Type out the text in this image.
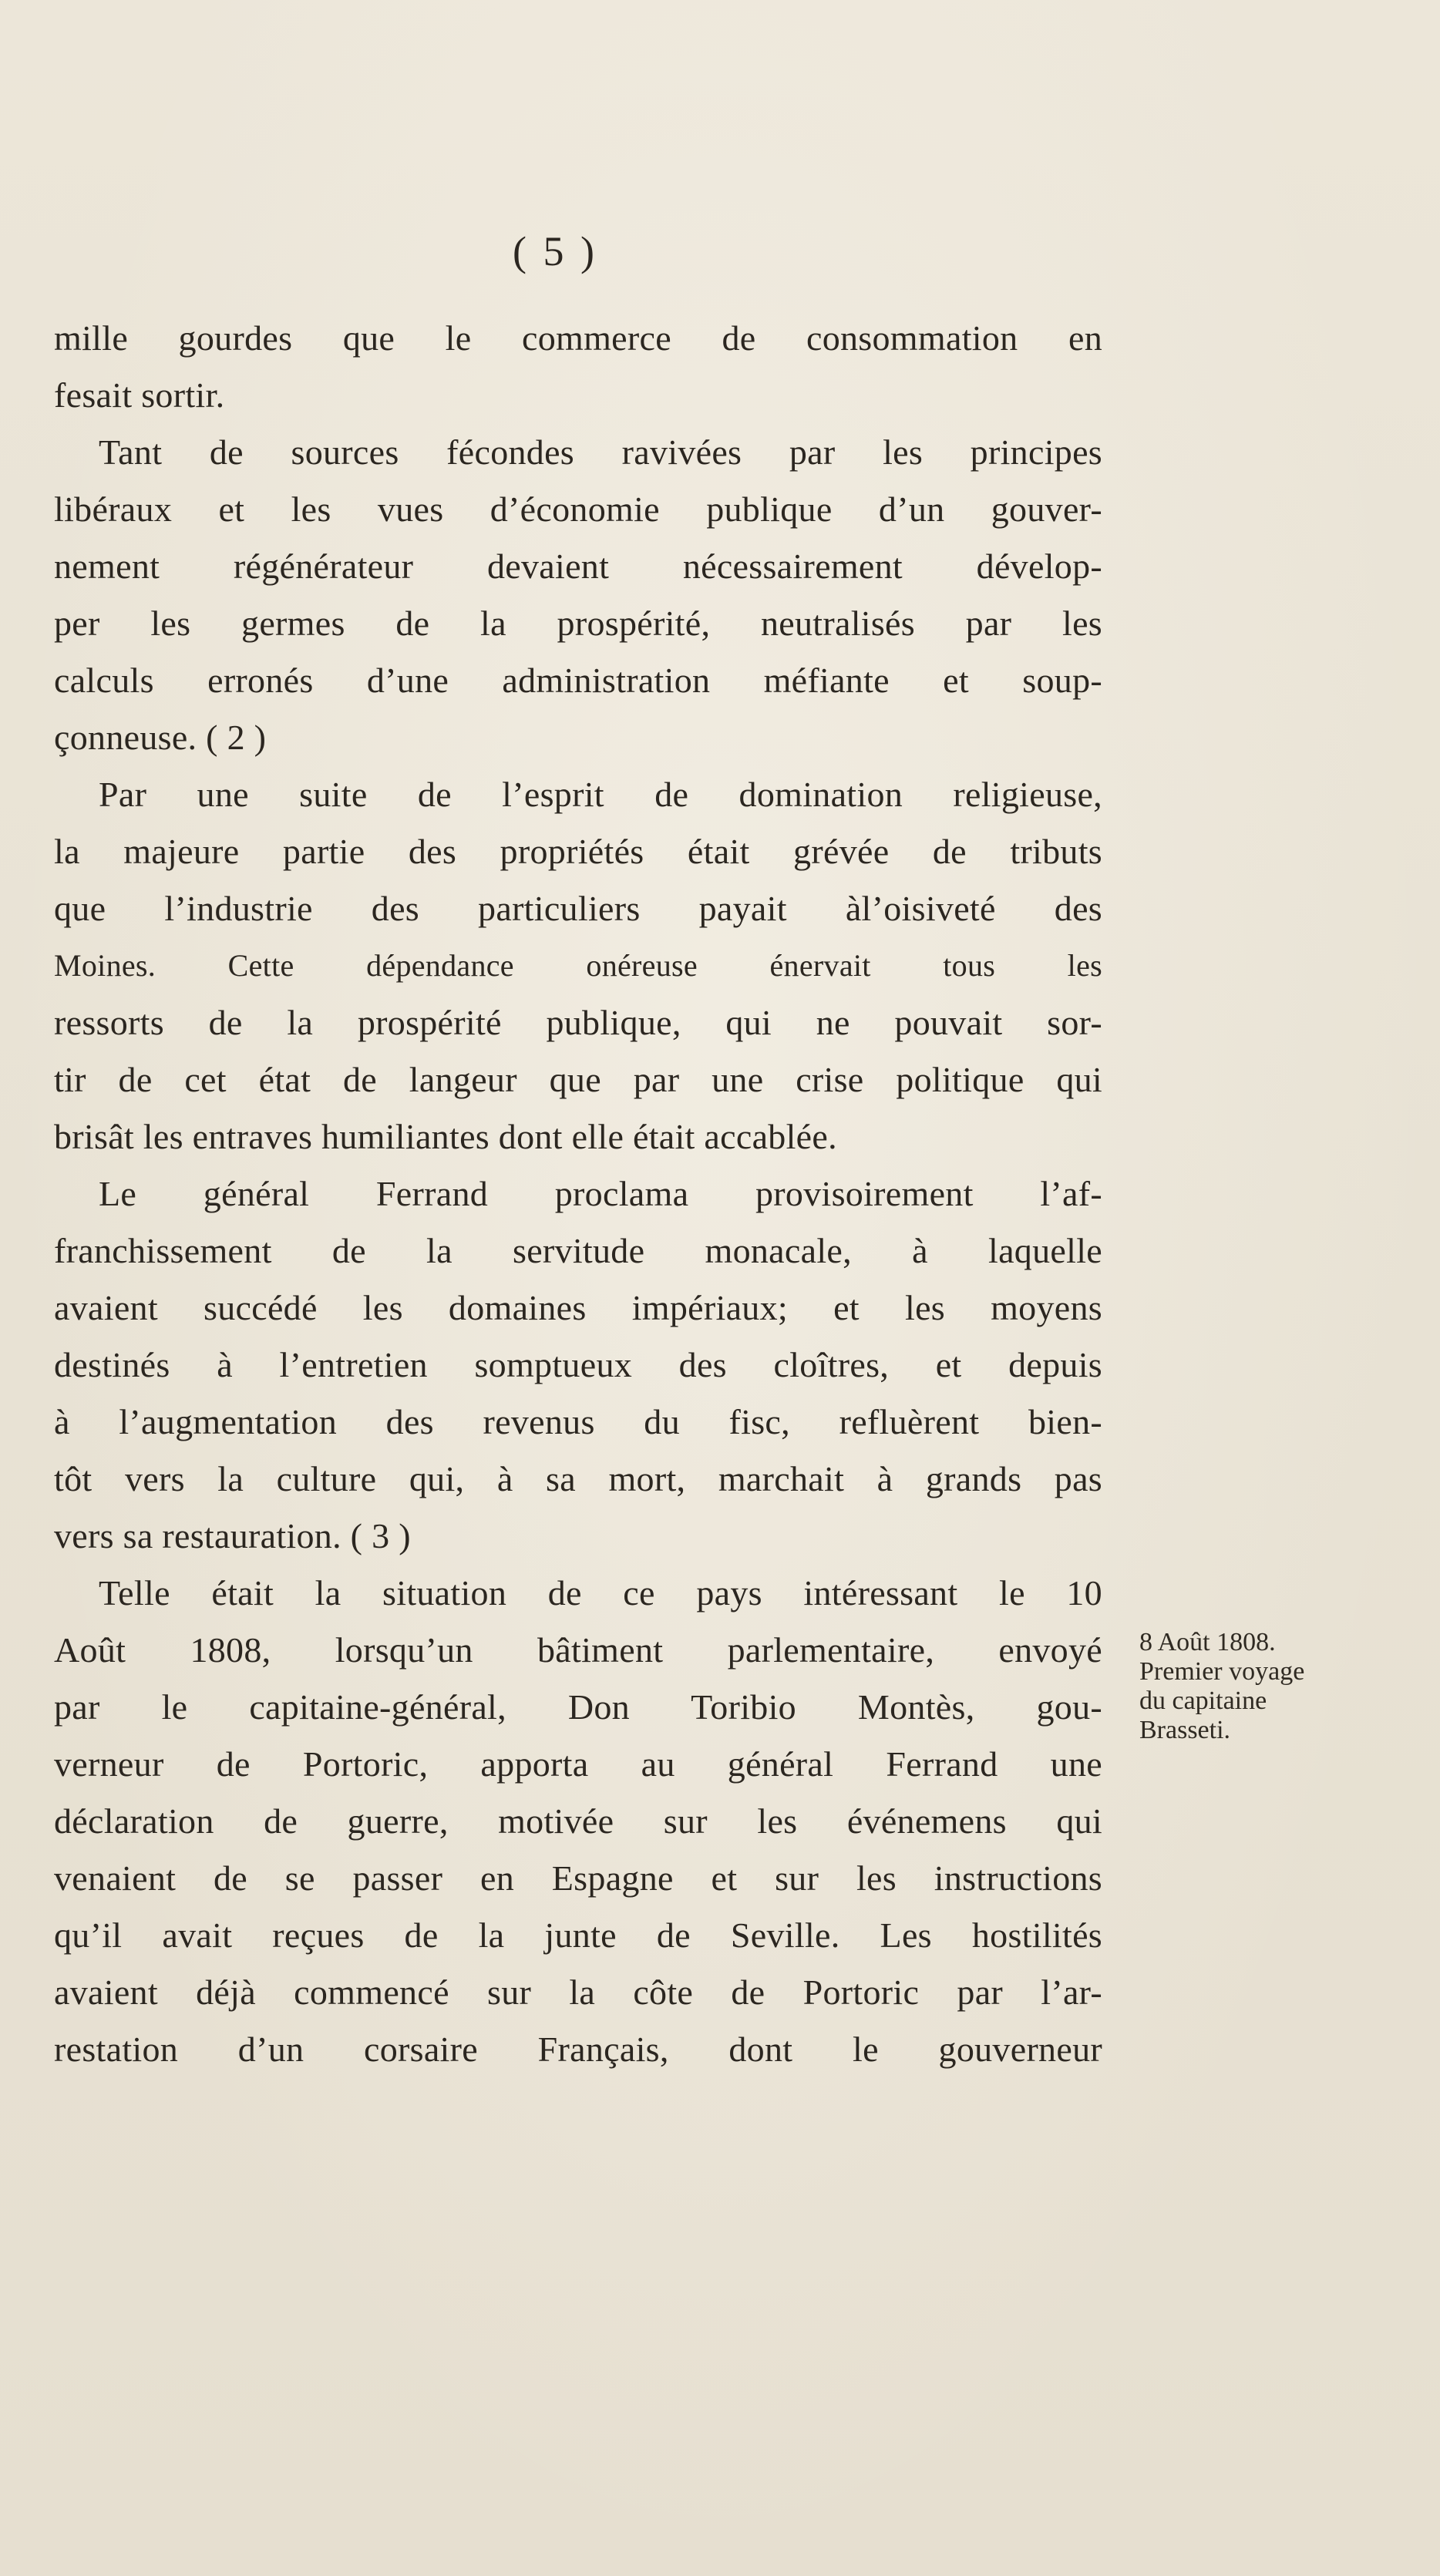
( 5 )
mille gourdes que le commerce de consommation en
fesait sortir.
Tant de sources fécondes ravivées par les principes
libéraux et les vues d’économie publique d’un gouver-
nement régénérateur devaient nécessairement dévelop-
per les germes de la prospérité, neutralisés par les
calculs erronés d’une administration méfiante et soup-
çonneuse. ( 2 )
Par une suite de l’esprit de domination religieuse,
la majeure partie des propriétés était grévée de tributs
que l’industrie des particuliers payait àl’oisiveté des
Moines. Cette dépendance onéreuse énervait tous les
ressorts de la prospérité publique, qui ne pouvait sor-
tir de cet état de langeur que par une crise politique qui
brisât les entraves humiliantes dont elle était accablée.
Le général Ferrand proclama provisoirement l’af-
franchissement de la servitude monacale, à laquelle
avaient succédé les domaines impériaux; et les moyens
destinés à l’entretien somptueux des cloîtres, et depuis
à l’augmentation des revenus du fisc, refluèrent bien-
tôt vers la culture qui, à sa mort, marchait à grands pas
vers sa restauration. ( 3 )
Telle était la situation de ce pays intéressant le 10
Août 1808, lorsqu’un bâtiment parlementaire, envoyé
par le capitaine-général, Don Toribio Montès, gou-
verneur de Portoric, apporta au général Ferrand une
déclaration de guerre, motivée sur les événemens qui
venaient de se passer en Espagne et sur les instructions
qu’il avait reçues de la junte de Seville. Les hostilités
avaient déjà commencé sur la côte de Portoric par l’ar-
restation d’un corsaire Français, dont le gouverneur
8 Août 1808.
Premier voyage
du capitaine
Brasseti.
